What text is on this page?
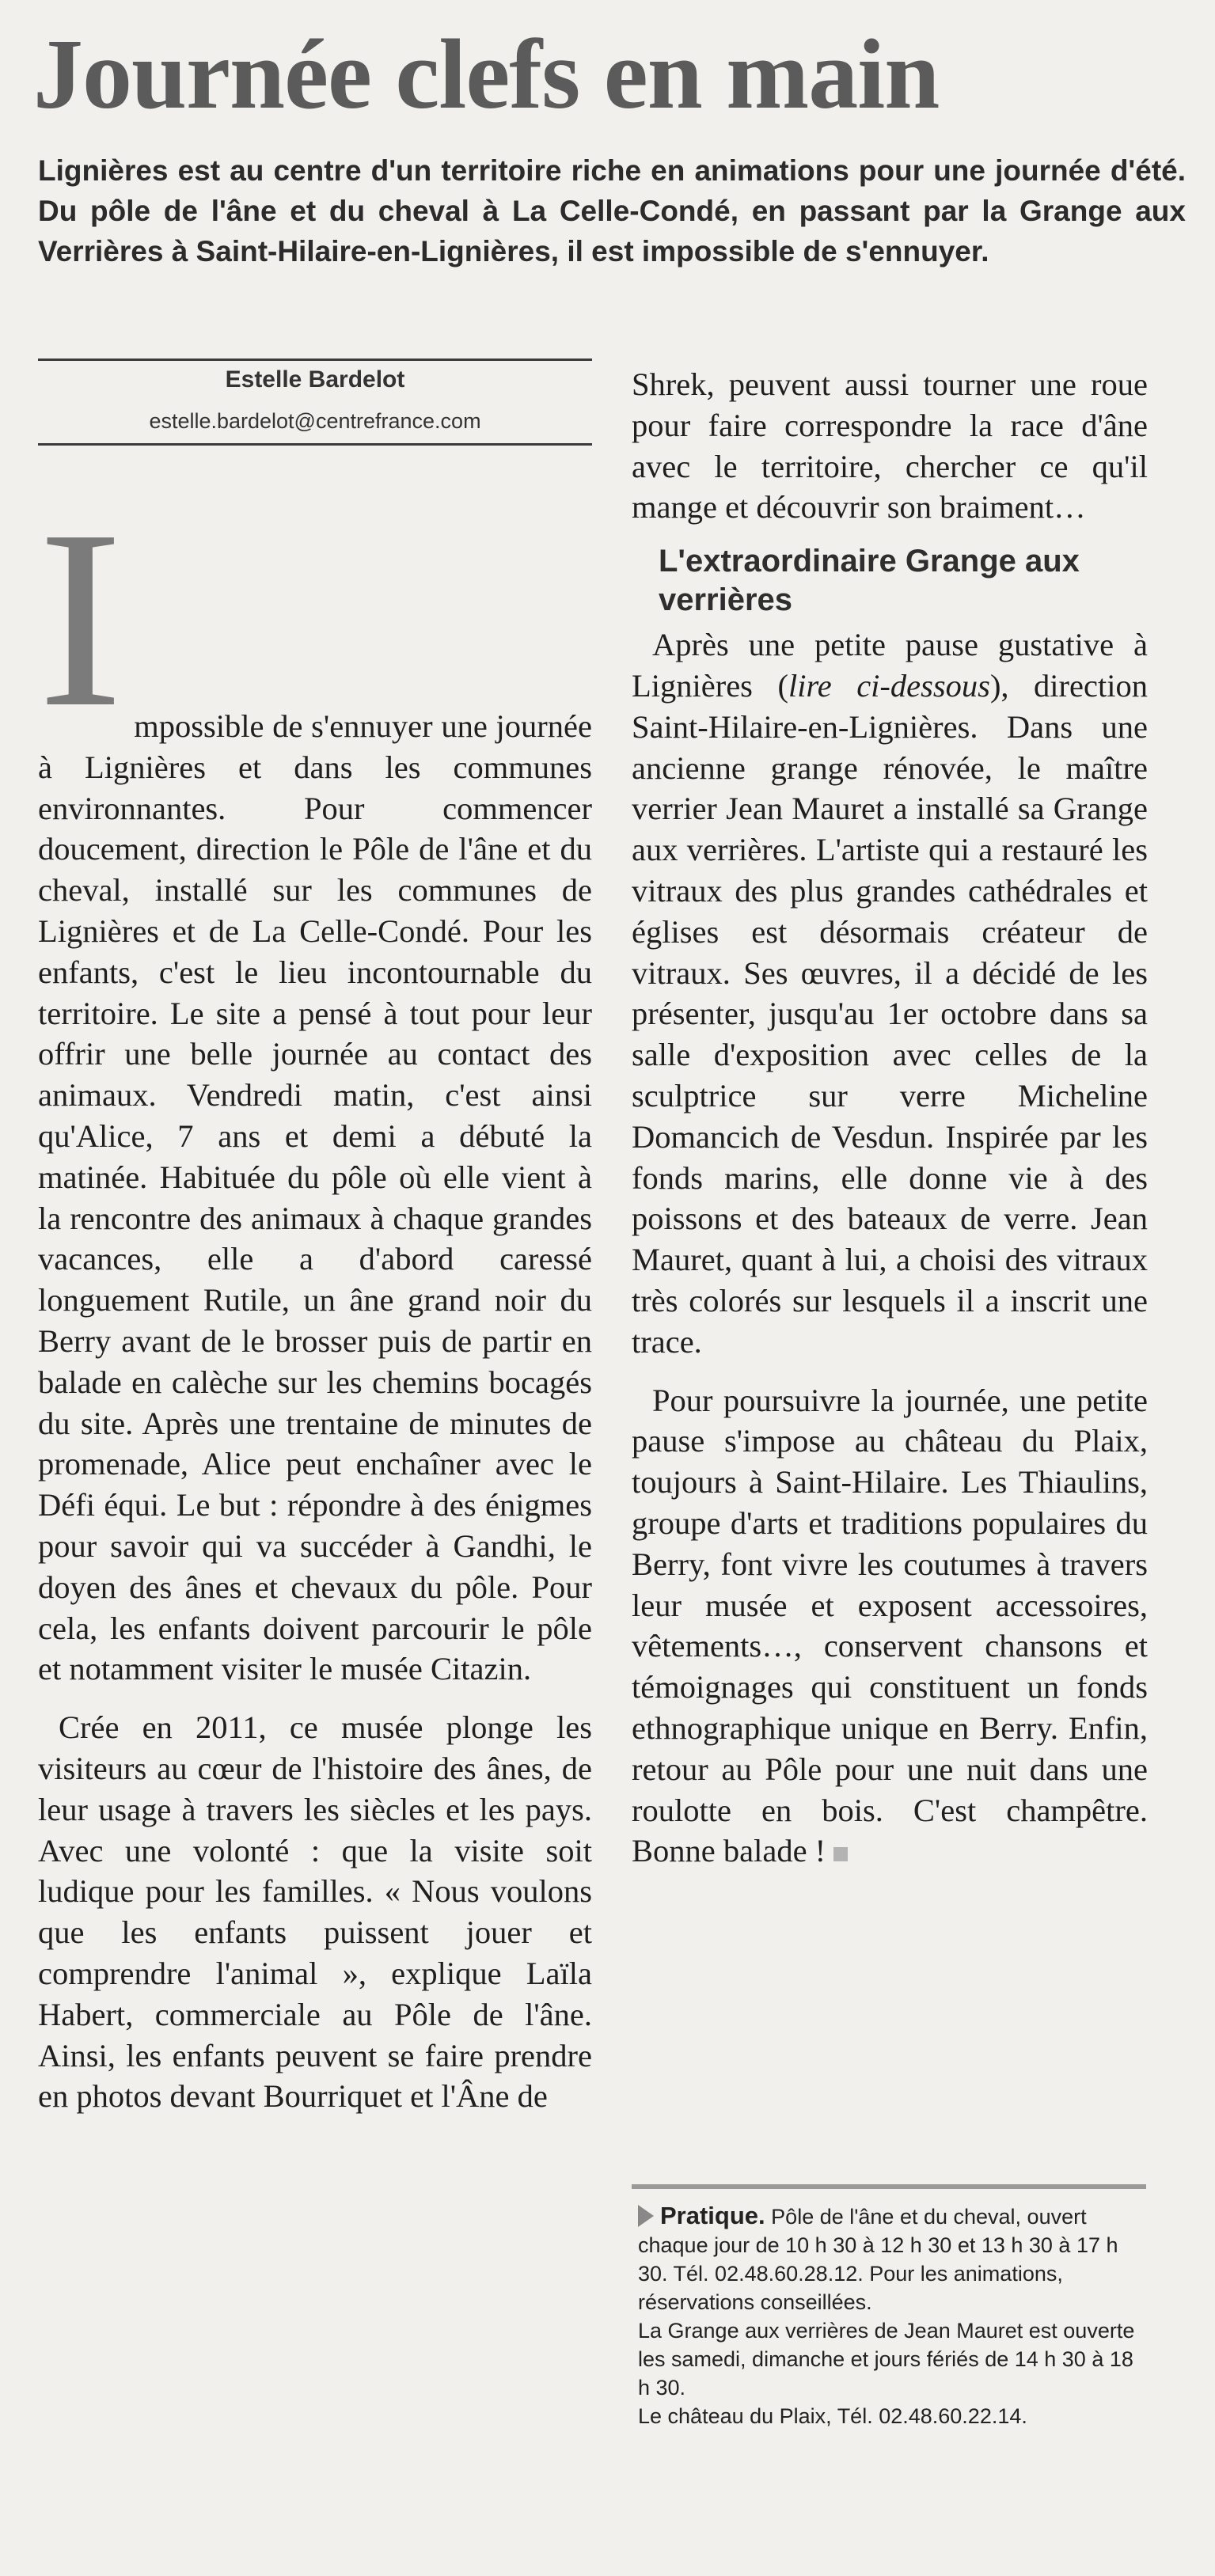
Journée clefs en main
Lignières est au centre d'un territoire riche en animations pour une journée d'été. Du pôle de l'âne et du cheval à La Celle-Condé, en passant par la Grange aux Verrières à Saint-Hilaire-en-Lignières, il est impossible de s'ennuyer.
Estelle Bardelot
estelle.bardelot@centrefrance.com
I mpossible de s'ennuyer une journée à Lignières et dans les communes environnantes. Pour commencer doucement, direction le Pôle de l'âne et du cheval, installé sur les communes de Lignières et de La Celle-Condé. Pour les enfants, c'est le lieu incontournable du territoire. Le site a pensé à tout pour leur offrir une belle journée au contact des animaux. Vendredi matin, c'est ainsi qu'Alice, 7 ans et demi a débuté la matinée. Habituée du pôle où elle vient à la rencontre des animaux à chaque grandes vacances, elle a d'abord caressé longuement Rutile, un âne grand noir du Berry avant de le brosser puis de partir en balade en calèche sur les chemins bocagés du site. Après une trentaine de minutes de promenade, Alice peut enchaîner avec le Défi équi. Le but : répondre à des énigmes pour savoir qui va succéder à Gandhi, le doyen des ânes et chevaux du pôle. Pour cela, les enfants doivent parcourir le pôle et notamment visiter le musée Citazin.

Crée en 2011, ce musée plonge les visiteurs au cœur de l'histoire des ânes, de leur usage à travers les siècles et les pays. Avec une volonté : que la visite soit ludique pour les familles. « Nous voulons que les enfants puissent jouer et comprendre l'animal », explique Laïla Habert, commerciale au Pôle de l'âne. Ainsi, les enfants peuvent se faire prendre en photos devant Bourriquet et l'Âne de

Shrek, peuvent aussi tourner une roue pour faire correspondre la race d'âne avec le territoire, chercher ce qu'il mange et découvrir son braiment…

L'extraordinaire Grange aux verrières

Après une petite pause gustative à Lignières (lire ci-dessous), direction Saint-Hilaire-en-Lignières. Dans une ancienne grange rénovée, le maître verrier Jean Mauret a installé sa Grange aux verrières. L'artiste qui a restauré les vitraux des plus grandes cathédrales et églises est désormais créateur de vitraux. Ses œuvres, il a décidé de les présenter, jusqu'au 1er octobre dans sa salle d'exposition avec celles de la sculptrice sur verre Micheline Domancich de Vesdun. Inspirée par les fonds marins, elle donne vie à des poissons et des bateaux de verre. Jean Mauret, quant à lui, a choisi des vitraux très colorés sur lesquels il a inscrit une trace.

Pour poursuivre la journée, une petite pause s'impose au château du Plaix, toujours à Saint-Hilaire. Les Thiaulins, groupe d'arts et traditions populaires du Berry, font vivre les coutumes à travers leur musée et exposent accessoires, vêtements…, conservent chansons et témoignages qui constituent un fonds ethnographique unique en Berry. Enfin, retour au Pôle pour une nuit dans une roulotte en bois. C'est champêtre. Bonne balade !

Pratique. Pôle de l'âne et du cheval, ouvert chaque jour de 10 h 30 à 12 h 30 et 13 h 30 à 17 h 30. Tél. 02.48.60.28.12. Pour les animations, réservations conseillées.

La Grange aux verrières de Jean Mauret est ouverte les samedi, dimanche et jours fériés de 14 h 30 à 18 h 30.

Le château du Plaix, Tél. 02.48.60.22.14.
